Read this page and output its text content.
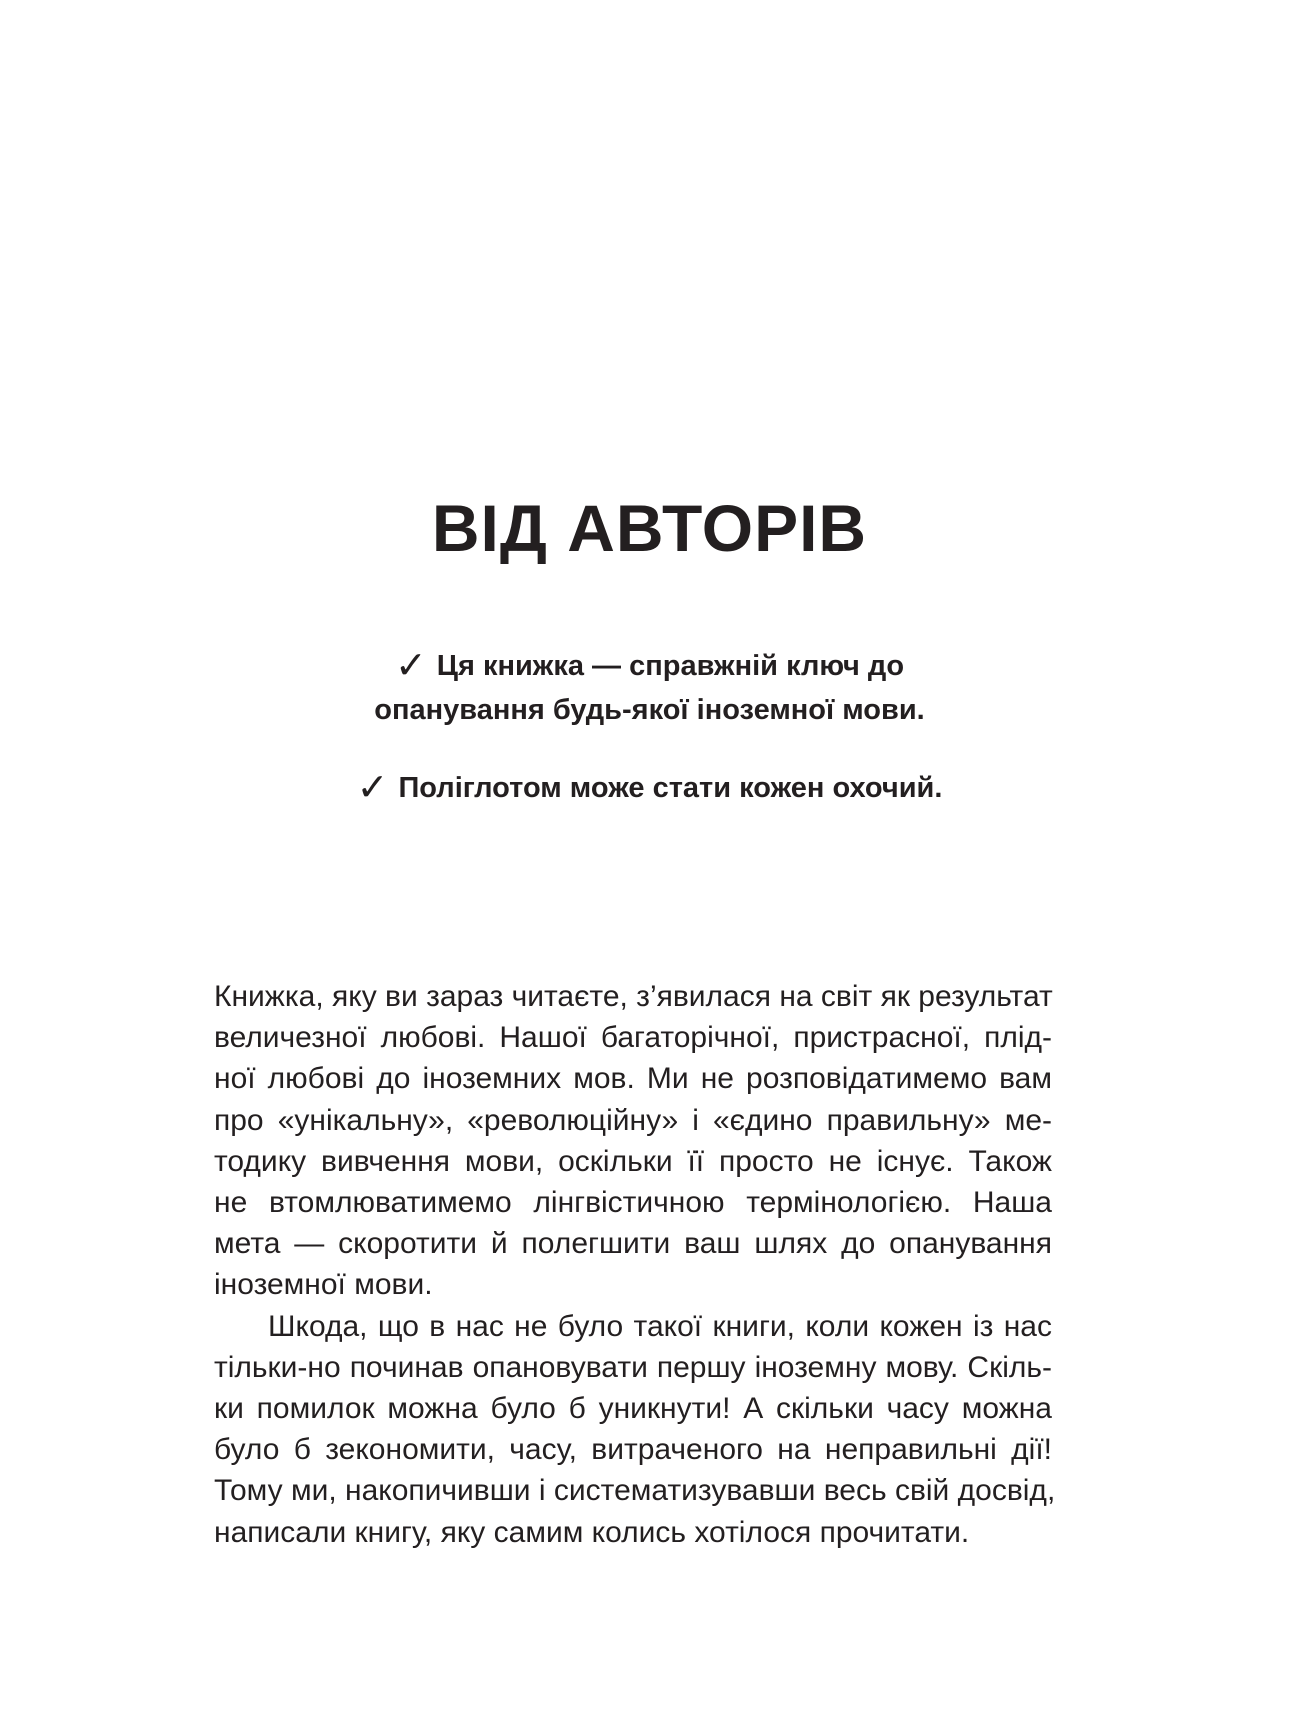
ВІД АВТОРІВ
✓ Ця книжка — справжній ключ до
опанування будь-якої іноземної мови.
✓ Поліглотом може стати кожен охочий.

Книжка, яку ви зараз читаєте, з’явилася на світ як результат
величезної любові. Нашої багаторічної, пристрасної, плід-
ної любові до іноземних мов. Ми не розповідатимемо вам
про «унікальну», «революційну» і «єдино правильну» ме-
тодику вивчення мови, оскільки її просто не існує. Також
не втомлюватимемо лінгвістичною термінологією. Наша
мета — скоротити й полегшити ваш шлях до опанування
іноземної мови.

Шкода, що в нас не було такої книги, коли кожен із нас
тільки-но починав опановувати першу іноземну мову. Скіль-
ки помилок можна було б уникнути! А скільки часу можна
було б зекономити, часу, витраченого на неправильні дії!
Тому ми, накопичивши і систематизувавши весь свій досвід,
написали книгу, яку самим колись хотілося прочитати.
